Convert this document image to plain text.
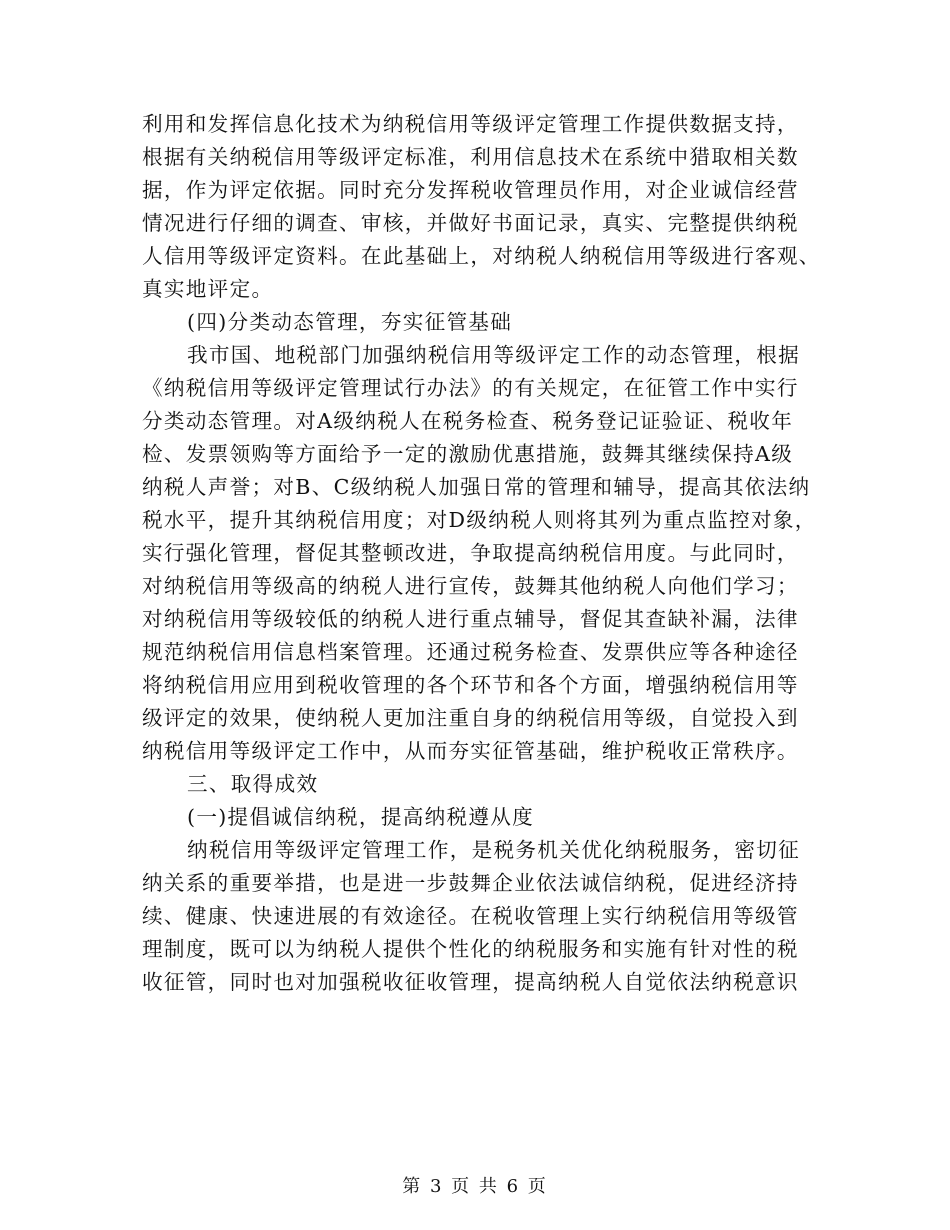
利用和发挥信息化技术为纳税信用等级评定管理工作提供数据支持，
根据有关纳税信用等级评定标准，利用信息技术在系统中猎取相关数
据，作为评定依据。同时充分发挥税收管理员作用，对企业诚信经营
情况进行仔细的调查、审核，并做好书面记录，真实、完整提供纳税
人信用等级评定资料。在此基础上，对纳税人纳税信用等级进行客观、
真实地评定。
(四)分类动态管理，夯实征管基础
我市国、地税部门加强纳税信用等级评定工作的动态管理，根据
《纳税信用等级评定管理试行办法》的有关规定，在征管工作中实行
分类动态管理。对A级纳税人在税务检查、税务登记证验证、税收年
检、发票领购等方面给予一定的激励优惠措施，鼓舞其继续保持A级
纳税人声誉；对B、C级纳税人加强日常的管理和辅导，提高其依法纳
税水平，提升其纳税信用度；对D级纳税人则将其列为重点监控对象，
实行强化管理，督促其整顿改进，争取提高纳税信用度。与此同时，
对纳税信用等级高的纳税人进行宣传，鼓舞其他纳税人向他们学习；
对纳税信用等级较低的纳税人进行重点辅导，督促其查缺补漏，法律
规范纳税信用信息档案管理。还通过税务检查、发票供应等各种途径
将纳税信用应用到税收管理的各个环节和各个方面，增强纳税信用等
级评定的效果，使纳税人更加注重自身的纳税信用等级，自觉投入到
纳税信用等级评定工作中，从而夯实征管基础，维护税收正常秩序。
三、取得成效
(一)提倡诚信纳税，提高纳税遵从度
纳税信用等级评定管理工作，是税务机关优化纳税服务，密切征
纳关系的重要举措，也是进一步鼓舞企业依法诚信纳税，促进经济持
续、健康、快速进展的有效途径。在税收管理上实行纳税信用等级管
理制度，既可以为纳税人提供个性化的纳税服务和实施有针对性的税
收征管，同时也对加强税收征收管理，提高纳税人自觉依法纳税意识
第 3 页 共 6 页
